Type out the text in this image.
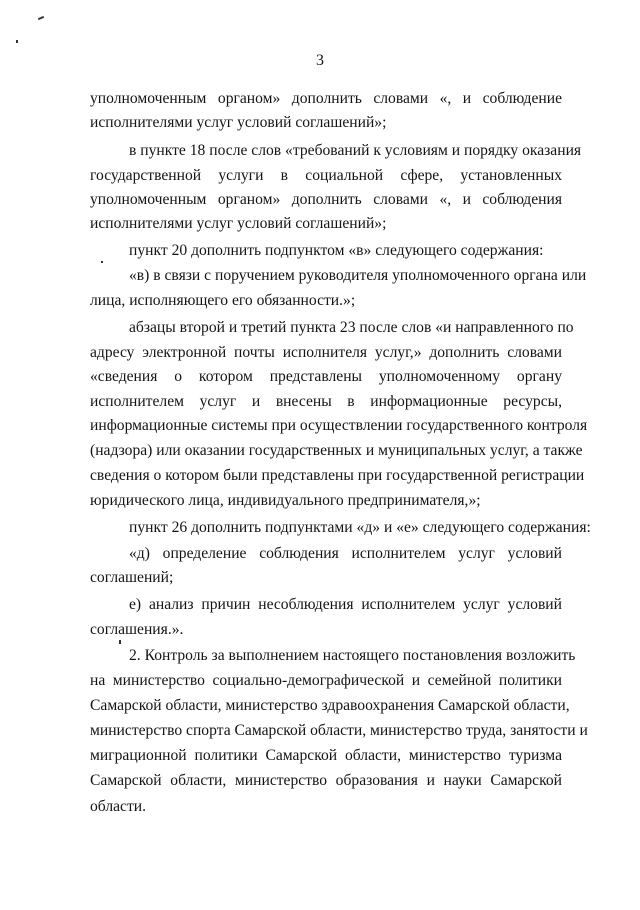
3
уполномоченным органом» дополнить словами «, и соблюдение
исполнителями услуг условий соглашений»;
в пункте 18 после слов «требований к условиям и порядку оказания
государственной услуги в социальной сфере, установленных
уполномоченным органом» дополнить словами «, и соблюдения
исполнителями услуг условий соглашений»;
пункт 20 дополнить подпунктом «в» следующего содержания:
«в) в связи с поручением руководителя уполномоченного органа или
лица, исполняющего его обязанности.»;
абзацы второй и третий пункта 23 после слов «и направленного по
адресу электронной почты исполнителя услуг,» дополнить словами
«сведения о котором представлены уполномоченному органу
исполнителем услуг и внесены в информационные ресурсы,
информационные системы при осуществлении государственного контроля
(надзора) или оказании государственных и муниципальных услуг, а также
сведения о котором были представлены при государственной регистрации
юридического лица, индивидуального предпринимателя,»;
пункт 26 дополнить подпунктами «д» и «е» следующего содержания:
«д) определение соблюдения исполнителем услуг условий
соглашений;
е) анализ причин несоблюдения исполнителем услуг условий
соглашения.».
2. Контроль за выполнением настоящего постановления возложить
на министерство социально-демографической и семейной политики
Самарской области, министерство здравоохранения Самарской области,
министерство спорта Самарской области, министерство труда, занятости и
миграционной политики Самарской области, министерство туризма
Самарской области, министерство образования и науки Самарской
области.
